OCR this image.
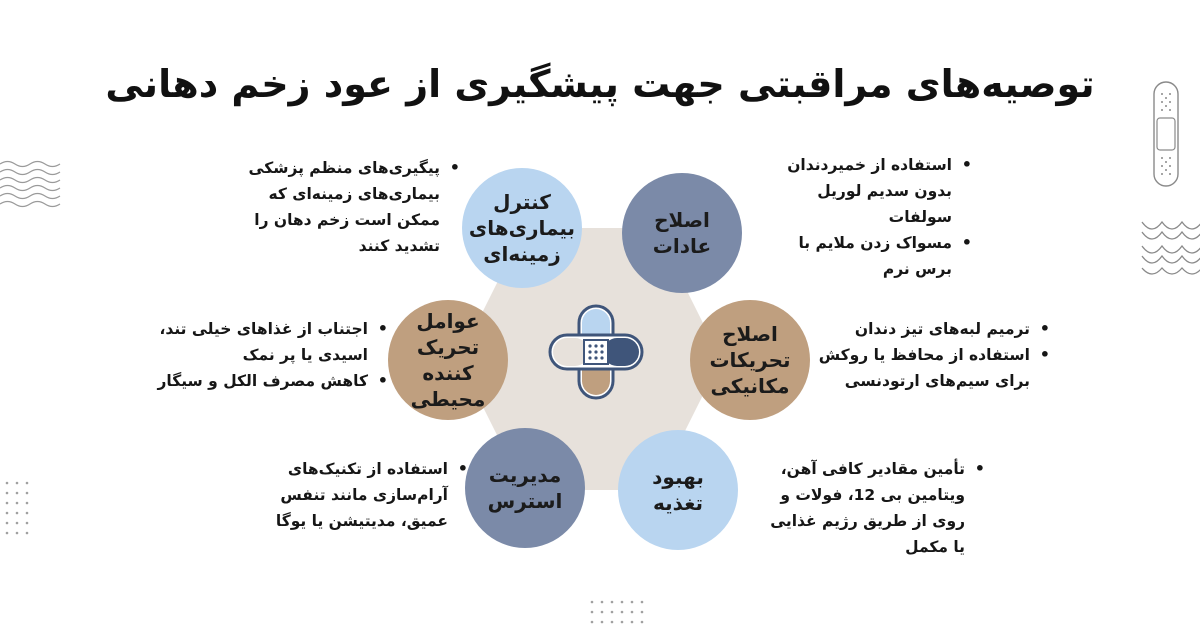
توصیه‌های مراقبتی جهت پیشگیری از عود زخم دهانی
کنترل بیماری‌های زمینه‌ای
اصلاح عادات
عوامل تحریک کننده محیطی
اصلاح تحریکات مکانیکی
مدیریت استرس
بهبود تغذیه
• پیگیری‌های منظم پزشکی بیماری‌های زمینه‌ای که ممکن است زخم دهان را تشدید کنند
• استفاده از خمیردندان بدون سدیم لوریل سولفات
• مسواک زدن ملایم با برس نرم
• اجتناب از غذاهای خیلی تند، اسیدی یا پر نمک
• کاهش مصرف الکل و سیگار
• ترمیم لبه‌های تیز دندان
• استفاده از محافظ یا روکش برای سیم‌های ارتودنسی
• استفاده از تکنیک‌های آرام‌سازی مانند تنفس عمیق، مدیتیشن یا یوگا
• تأمین مقادیر کافی آهن، ویتامین بی 12، فولات و روی از طریق رژیم غذایی یا مکمل
